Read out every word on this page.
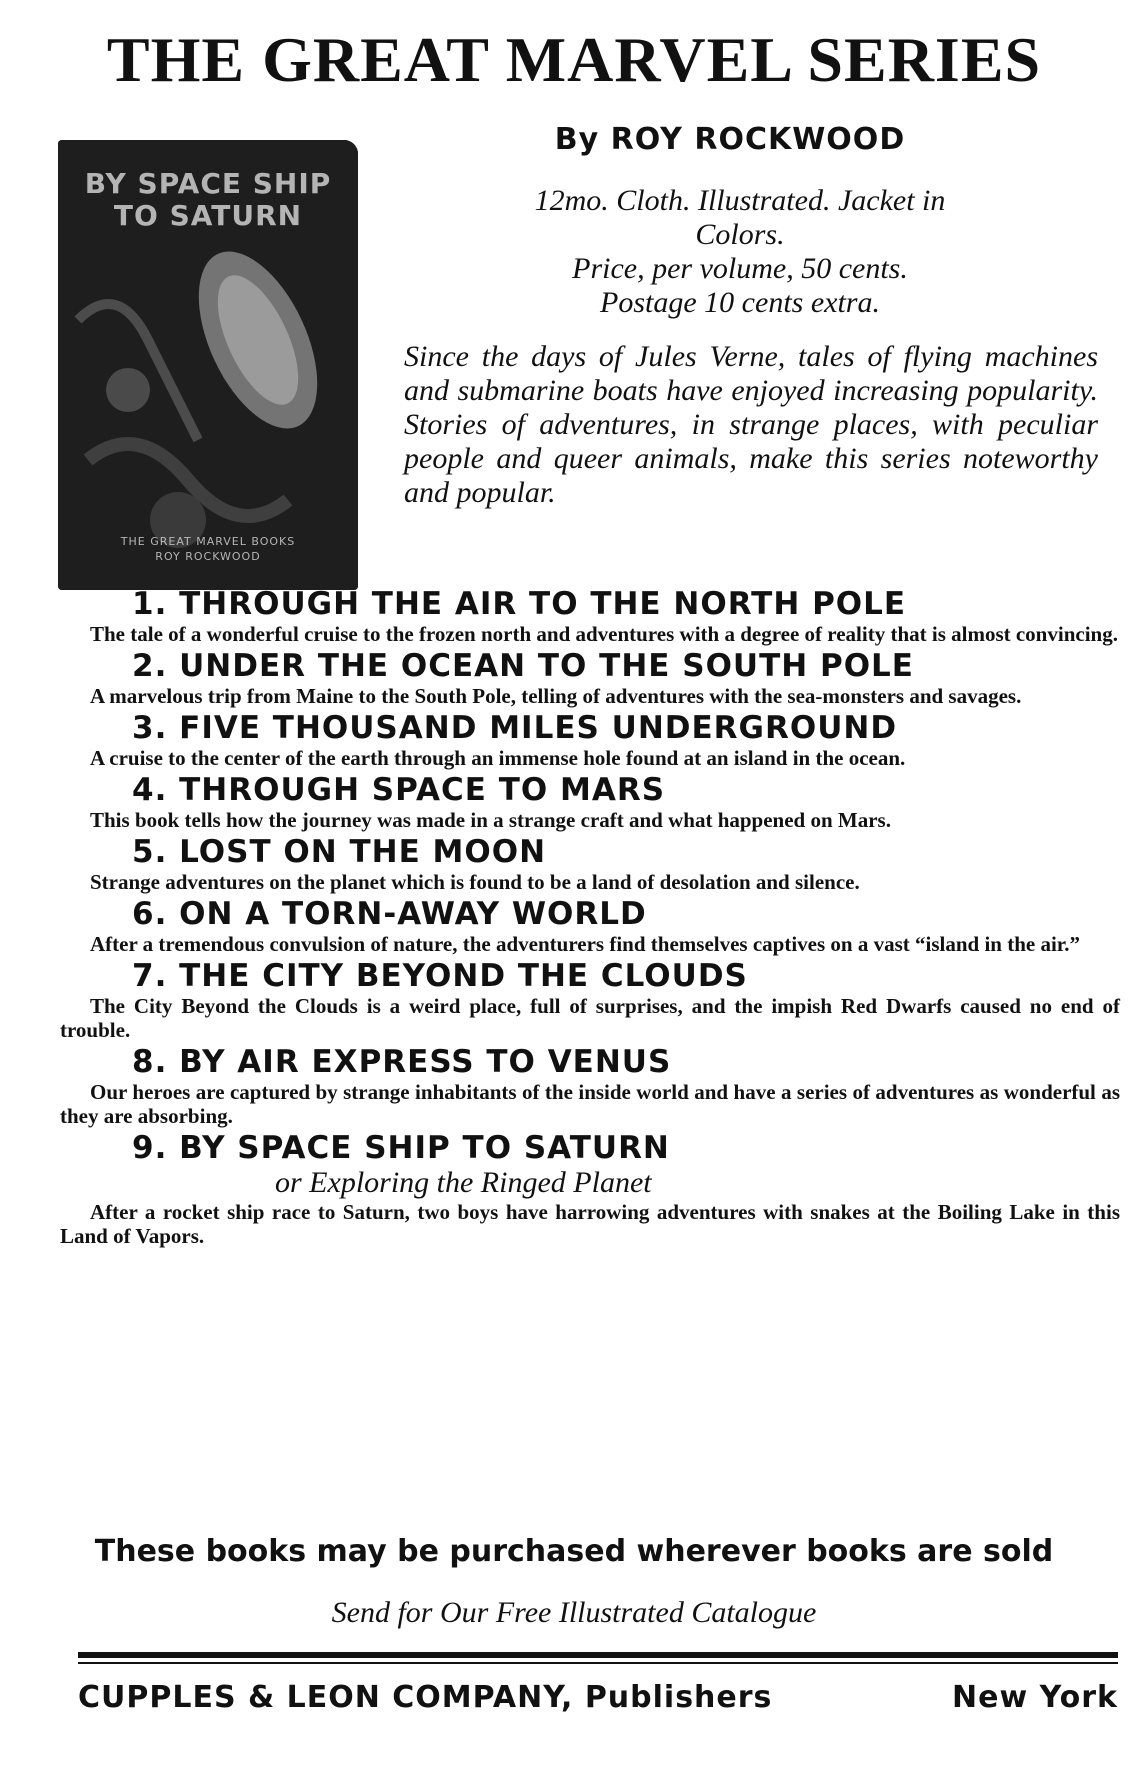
THE GREAT MARVEL SERIES
BY SPACE SHIP
TO SATURN
THE GREAT MARVEL BOOKS
ROY ROCKWOOD
By ROY ROCKWOOD
12mo. Cloth. Illustrated. Jacket in
Colors.
Price, per volume, 50 cents.
Postage 10 cents extra.
Since the days of Jules Verne, tales of flying machines and submarine boats have enjoyed increasing popularity. Stories of adventures, in strange places, with peculiar people and queer animals, make this series noteworthy and popular.
1. THROUGH THE AIR TO THE NORTH POLE
The tale of a wonderful cruise to the frozen north and adventures with a degree of reality that is almost convincing.
2. UNDER THE OCEAN TO THE SOUTH POLE
A marvelous trip from Maine to the South Pole, telling of adventures with the sea-monsters and savages.
3. FIVE THOUSAND MILES UNDERGROUND
A cruise to the center of the earth through an immense hole found at an island in the ocean.
4. THROUGH SPACE TO MARS
This book tells how the journey was made in a strange craft and what happened on Mars.
5. LOST ON THE MOON
Strange adventures on the planet which is found to be a land of desolation and silence.
6. ON A TORN-AWAY WORLD
After a tremendous convulsion of nature, the adventurers find themselves captives on a vast “island in the air.”
7. THE CITY BEYOND THE CLOUDS
The City Beyond the Clouds is a weird place, full of surprises, and the impish Red Dwarfs caused no end of trouble.
8. BY AIR EXPRESS TO VENUS
Our heroes are captured by strange inhabitants of the inside world and have a series of adventures as wonderful as they are absorbing.
9. BY SPACE SHIP TO SATURN
or Exploring the Ringed Planet
After a rocket ship race to Saturn, two boys have harrowing adventures with snakes at the Boiling Lake in this Land of Vapors.
These books may be purchased wherever books are sold
Send for Our Free Illustrated Catalogue
CUPPLES & LEON COMPANY, Publishers	New York
